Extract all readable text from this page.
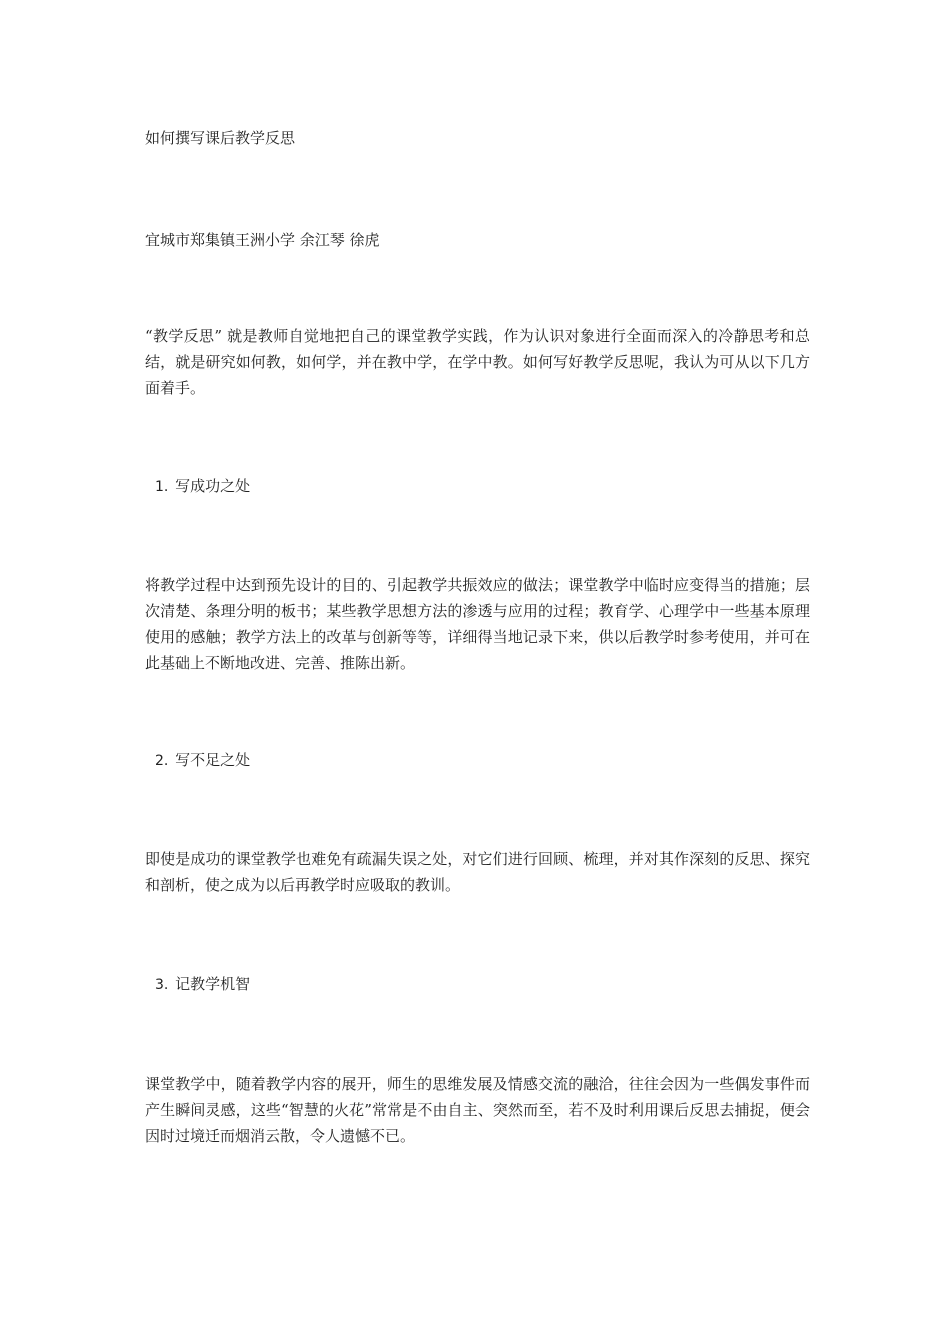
如何撰写课后教学反思

宜城市郑集镇王洲小学 余江琴 徐虎

“教学反思” 就是教师自觉地把自己的课堂教学实践，作为认识对象进行全面而深入的冷静思考和总结，就是研究如何教，如何学，并在教中学，在学中教。如何写好教学反思呢，我认为可从以下几方面着手。

1. 写成功之处

将教学过程中达到预先设计的目的、引起教学共振效应的做法；课堂教学中临时应变得当的措施；层次清楚、条理分明的板书；某些教学思想方法的渗透与应用的过程；教育学、心理学中一些基本原理使用的感触；教学方法上的改革与创新等等，详细得当地记录下来，供以后教学时参考使用，并可在此基础上不断地改进、完善、推陈出新。

2. 写不足之处

即使是成功的课堂教学也难免有疏漏失误之处，对它们进行回顾、梳理，并对其作深刻的反思、探究和剖析，使之成为以后再教学时应吸取的教训。

3. 记教学机智

课堂教学中，随着教学内容的展开，师生的思维发展及情感交流的融洽，往往会因为一些偶发事件而产生瞬间灵感，这些“智慧的火花”常常是不由自主、突然而至，若不及时利用课后反思去捕捉，便会因时过境迁而烟消云散，令人遗憾不已。
